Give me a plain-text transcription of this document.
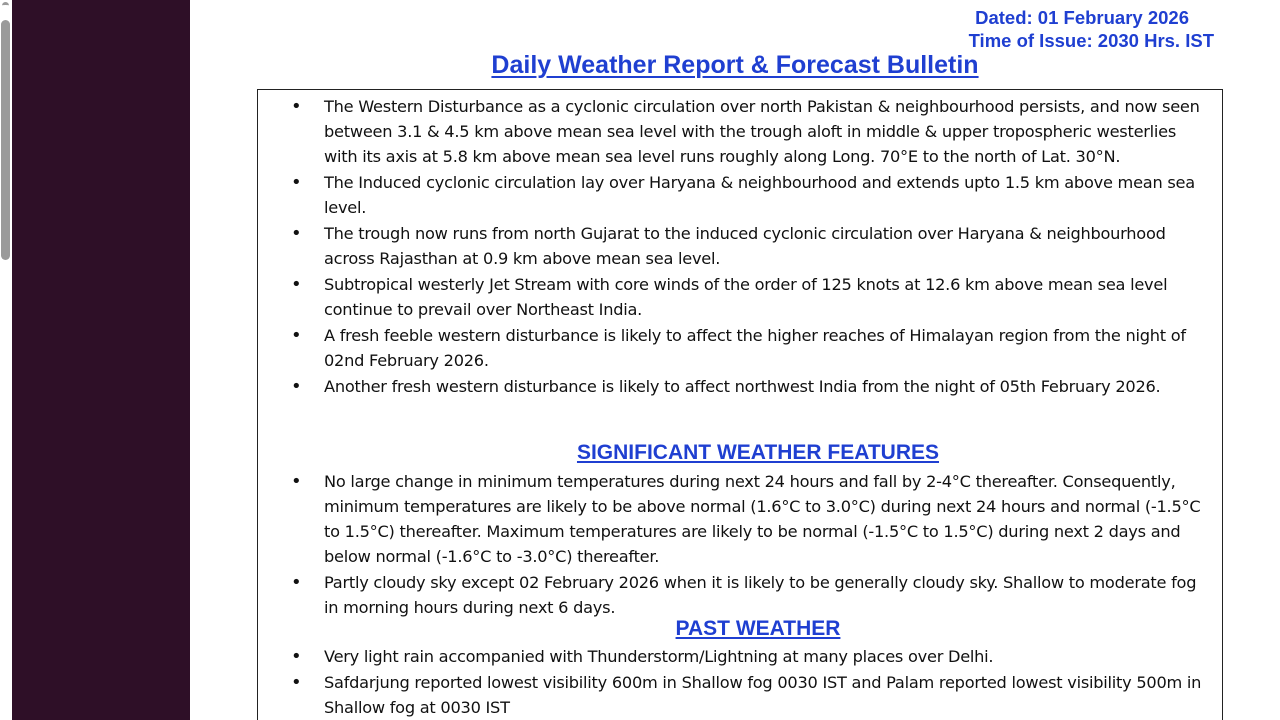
Dated: 01 February 2026
Time of Issue: 2030 Hrs. IST
Daily Weather Report & Forecast Bulletin
• The Western Disturbance as a cyclonic circulation over north Pakistan & neighbourhood persists, and now seen between 3.1 & 4.5 km above mean sea level with the trough aloft in middle & upper tropospheric westerlies with its axis at 5.8 km above mean sea level runs roughly along Long. 70°E to the north of Lat. 30°N.
• The Induced cyclonic circulation lay over Haryana & neighbourhood and extends upto 1.5 km above mean sea level.
• The trough now runs from north Gujarat to the induced cyclonic circulation over Haryana & neighbourhood across Rajasthan at 0.9 km above mean sea level.
• Subtropical westerly Jet Stream with core winds of the order of 125 knots at 12.6 km above mean sea level continue to prevail over Northeast India.
• A fresh feeble western disturbance is likely to affect the higher reaches of Himalayan region from the night of 02nd February 2026.
• Another fresh western disturbance is likely to affect northwest India from the night of 05th February 2026.
SIGNIFICANT WEATHER FEATURES
• No large change in minimum temperatures during next 24 hours and fall by 2-4°C thereafter. Consequently, minimum temperatures are likely to be above normal (1.6°C to 3.0°C) during next 24 hours and normal (-1.5°C to 1.5°C) thereafter. Maximum temperatures are likely to be normal (-1.5°C to 1.5°C) during next 2 days and below normal (-1.6°C to -3.0°C) thereafter.
• Partly cloudy sky except 02 February 2026 when it is likely to be generally cloudy sky. Shallow to moderate fog in morning hours during next 6 days.
PAST WEATHER
• Very light rain accompanied with Thunderstorm/Lightning at many places over Delhi.
• Safdarjung reported lowest visibility 600m in Shallow fog 0030 IST and Palam reported lowest visibility 500m in Shallow fog at 0030 IST
